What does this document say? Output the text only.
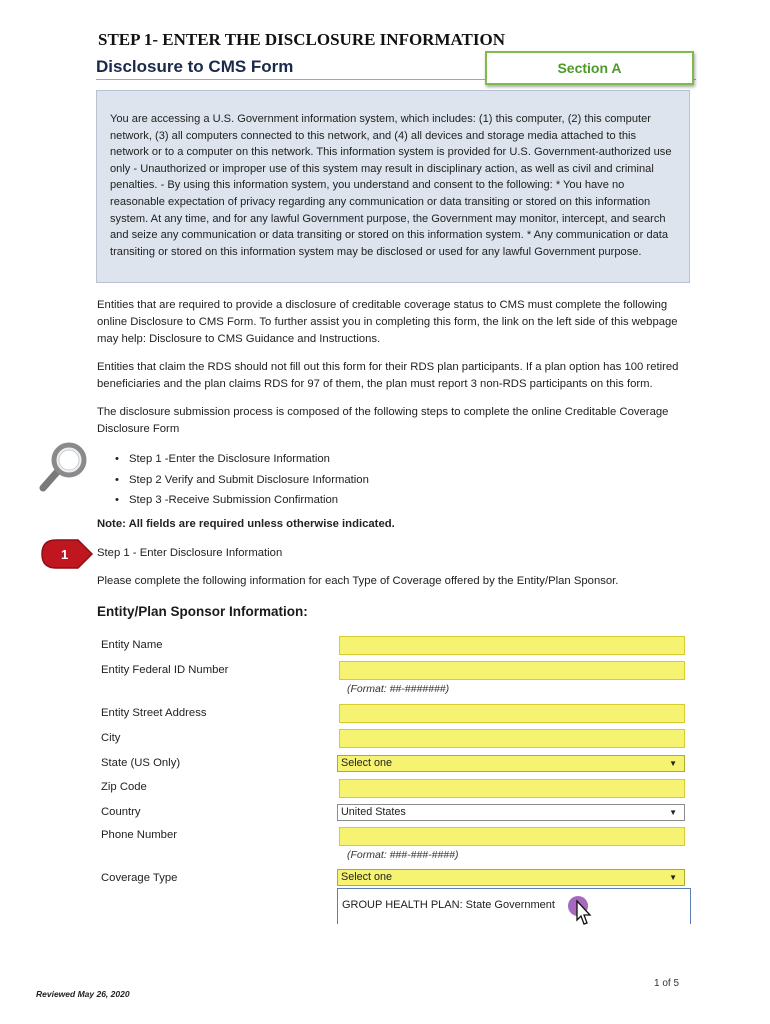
STEP 1- ENTER THE DISCLOSURE INFORMATION
Disclosure to CMS Form	Section A
You are accessing a U.S. Government information system, which includes: (1) this computer, (2) this computer network, (3) all computers connected to this network, and (4) all devices and storage media attached to this network or to a computer on this network. This information system is provided for U.S. Government-authorized use only - Unauthorized or improper use of this system may result in disciplinary action, as well as civil and criminal penalties. - By using this information system, you understand and consent to the following: * You have no reasonable expectation of privacy regarding any communication or data transiting or stored on this information system. At any time, and for any lawful Government purpose, the Government may monitor, intercept, and search and seize any communication or data transiting or stored on this information system. * Any communication or data transiting or stored on this information system may be disclosed or used for any lawful Government purpose.
Entities that are required to provide a disclosure of creditable coverage status to CMS must complete the following online Disclosure to CMS Form. To further assist you in completing this form, the link on the left side of this webpage may help: Disclosure to CMS Guidance and Instructions.
Entities that claim the RDS should not fill out this form for their RDS plan participants. If a plan option has 100 retired beneficiaries and the plan claims RDS for 97 of them, the plan must report 3 non-RDS participants on this form.
The disclosure submission process is composed of the following steps to complete the online Creditable Coverage Disclosure Form
• Step 1 -Enter the Disclosure Information
• Step 2 Verify and Submit Disclosure Information
• Step 3 -Receive Submission Confirmation
Note: All fields are required unless otherwise indicated.
1	Step 1 - Enter Disclosure Information
Please complete the following information for each Type of Coverage offered by the Entity/Plan Sponsor.
Entity/Plan Sponsor Information:
Entity Name
Entity Federal ID Number
(Format: ##-#######)
Entity Street Address
City
State (US Only)	Select one	▼
Zip Code
Country	United States	▼
Phone Number
(Format: ###-###-####)
Coverage Type	Select one	▼
GROUP HEALTH PLAN: State Government
Reviewed May 26, 2020
1 of 5
